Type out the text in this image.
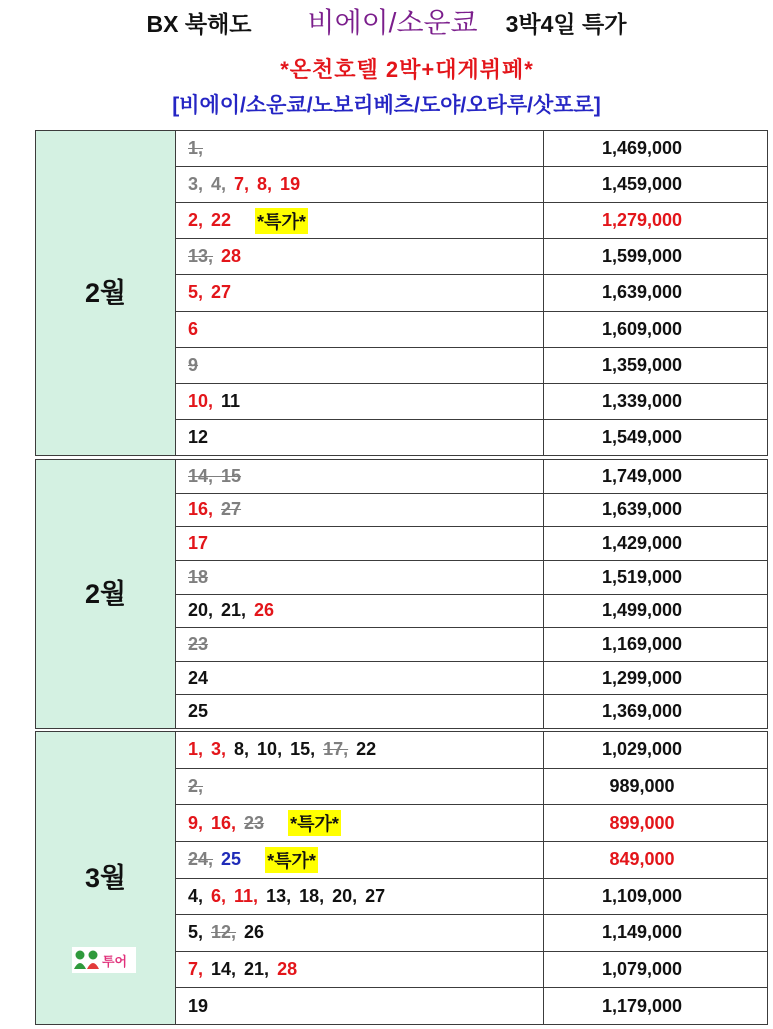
BX 북해도 비에이/소운쿄 3박4일 특가
*온천호텔 2박+대게뷔페*
[비에이/소운쿄/노보리베츠/도야/오타루/삿포로]
2월
1,	1,469,000
3, 4, 7, 8, 19	1,459,000
2, 22 *특가*	1,279,000
13, 28	1,599,000
5, 27	1,639,000
6	1,609,000
9	1,359,000
10, 11	1,339,000
12	1,549,000
2월
14, 15	1,749,000
16, 27	1,639,000
17	1,429,000
18	1,519,000
20, 21, 26	1,499,000
23	1,169,000
24	1,299,000
25	1,369,000
3월
1, 3, 8, 10, 15, 17, 22	1,029,000
2,	989,000
9, 16, 23 *특가*	899,000
24, 25 *특가*	849,000
4, 6, 11, 13, 18, 20, 27	1,109,000
5, 12, 26	1,149,000
7, 14, 21, 28	1,079,000
19	1,179,000
투어
